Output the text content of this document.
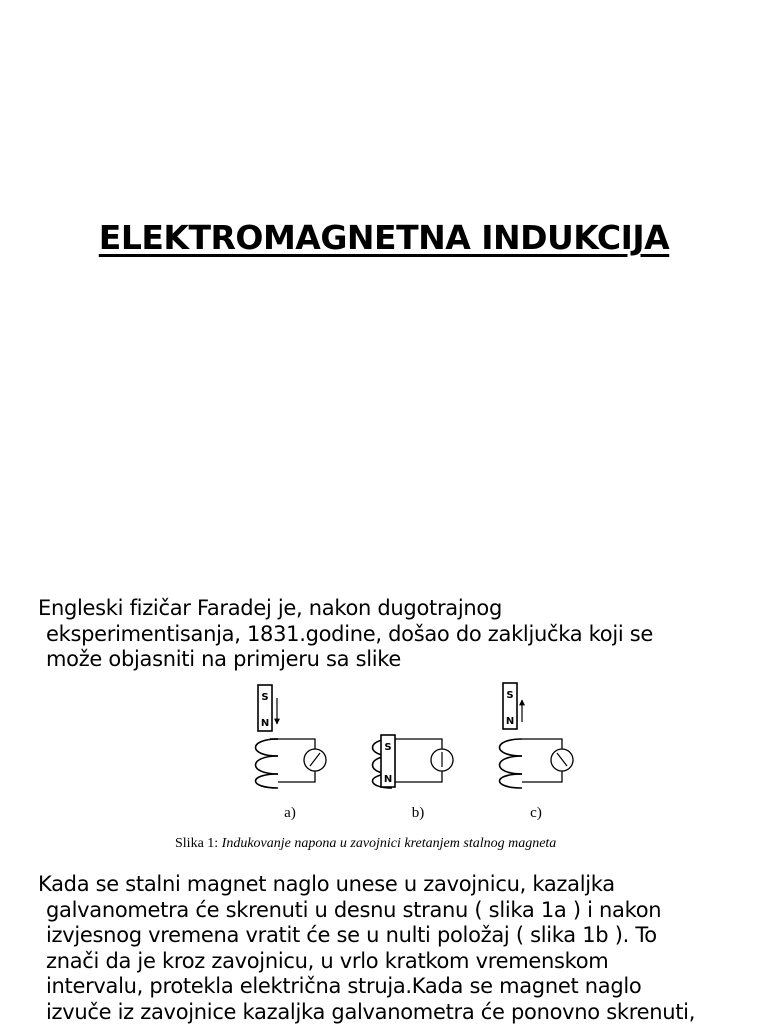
ELEKTROMAGNETNA INDUKCIJA

Engleski fizičar Faradej je, nakon dugotrajnog
eksperimentisanja, 1831.godine, došao do zaključka koji se
može objasniti na primjeru sa slike

S
N
S
N
S
N
a)	b)	c)
Slika 1: Indukovanje napona u zavojnici kretanjem stalnog magneta

Kada se stalni magnet naglo unese u zavojnicu, kazaljka
galvanometra će skrenuti u desnu stranu ( slika 1a ) i nakon
izvjesnog vremena vratit će se u nulti položaj ( slika 1b ). To
znači da je kroz zavojnicu, u vrlo kratkom vremenskom
intervalu, protekla električna struja.Kada se magnet naglo
izvuče iz zavojnice kazaljka galvanometra će ponovno skrenuti,
